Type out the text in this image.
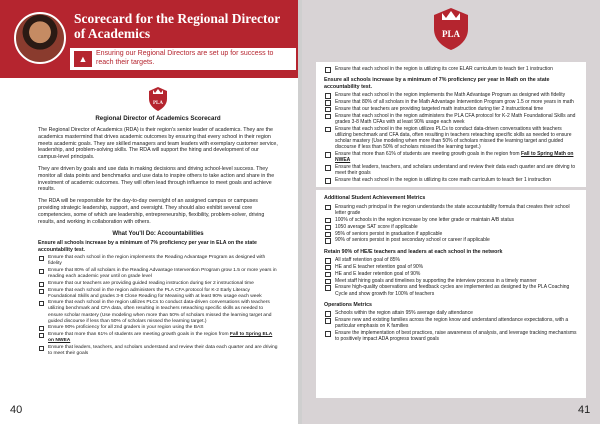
Scorecard for the Regional Director of Academics
▲
Ensuring our Regional Directors are set up for success to reach their targets.
PLA
Regional Director of Academics Scorecard

The Regional Director of Academics (RDA) is their region's senior leader of academics. They are the academics mastermind that drives academic outcomes by ensuring that every school in their region meets academic goals. They are skilled managers and team leaders with exemplary customer service, leadership, and problem-solving skills. The RDA will support the hiring and development of our campus-level principals.

They are driven by goals and use data in making decisions and driving school-level success. They monitor all data points and benchmarks and use data to inspire others to take action and share in the investment of academic outcomes. They will often lead through influence to meet goals and achieve results.

The RDA will be responsible for the day-to-day oversight of an assigned campus or campuses providing strategic leadership, support, and oversight. They should also exhibit several core competencies, some of which are leadership, entrepreneurship, flexibility, problem-solver, driving results, and working in collaboration with others.

What You'll Do: Accountabilities
Ensure all schools increase by a minimum of 7% proficiency per year in ELA on the state accountability test.
Ensure that each school in the region implements the Reading Advantage Program as designed with fidelity
Ensure that 80% of all scholars in the Reading Advantage Intervention Program grow 1.5 or more years in reading each academic year until on grade level
Ensure that our teachers are providing guided reading instruction during tier 2 instructional time
Ensure that each school in the region administers the PLA CFA protocol for K-2 Early Literacy Foundational Skills and grades 3-8 Close Reading for Meaning with at least 90% usage each week
Ensure that each school in the region utilizes PLCs to conduct data-driven conversations with teachers utilizing benchmark and CFA data, often resulting in teachers reteaching specific skills as needed to ensure scholar mastery (Use modeling when more than 50% of scholars missed the learning target and guided discourse if less than 50% of scholars missed the learning target.)
Ensure 90% proficiency for all 2nd graders in your region using the BAS
Ensure that more than 61% of students are meeting growth goals in the region from Fall to Spring ELA on NWEA
Ensure that leaders, teachers, and scholars understand and review their data each quarter and are driving to meet their goals
40
PLA
Ensure that each school in the region is utilizing its core ELAR curriculum to teach tier 1 instruction
Ensure all schools increase by a minimum of 7% proficiency per year in Math on the state accountability test.
Ensure that each school in the region implements the Math Advantage Program as designed with fidelity
Ensure that 80% of all scholars in the Math Advantage Intervention Program grow 1.5 or more years in math
Ensure that our teachers are providing targeted math instruction during tier 2 instructional time
Ensure that each school in the region administers the PLA CFA protocol for K-2 Math Foundational Skills and grades 3-8 Math CFAs with at least 90% usage each week
Ensure that each school in the region utilizes PLCs to conduct data-driven conversations with teachers utilizing benchmark and CFA data, often resulting in teachers reteaching specific skills as needed to ensure scholar mastery (Use modeling when more than 50% of scholars missed the learning target and guided discourse if less than 50% of scholars missed the learning target.)
Ensure that more than 61% of students are meeting growth goals in the region from Fall to Spring Math on NWEA
Ensure that leaders, teachers, and scholars understand and review their data each quarter and are driving to meet their goals
Ensure that each school in the region is utilizing its core math curriculum to teach tier 1 instruction
Additional Student Achievement Metrics
Ensuring each principal in the region understands the state accountability formula that creates their school letter grade
100% of schools in the region increase by one letter grade or maintain A/B status
1050 average SAT score if applicable
95% of seniors persist in graduation if applicable
90% of seniors persist in post secondary school or career if applicable
Retain 90% of HE/E teachers and leaders at each school in the network
All staff retention goal of 85%
HE and E teacher retention goal of 90%
HE and E leader retention goal of 90%
Meet staff hiring goals and timelines by supporting the interview process in a timely manner
Ensure high-quality observations and feedback cycles are implemented as designed by the PLA Coaching Cycle and show growth for 100% of teachers
Operations Metrics
Schools within the region attain 95% average daily attendance
Ensure new and existing families across the region know and understand attendance expectations, with a particular emphasis on K families
Ensure the implementation of best practices, raise awareness of analysis, and leverage tracking mechanisms to positively impact ADA progress toward goals
41
